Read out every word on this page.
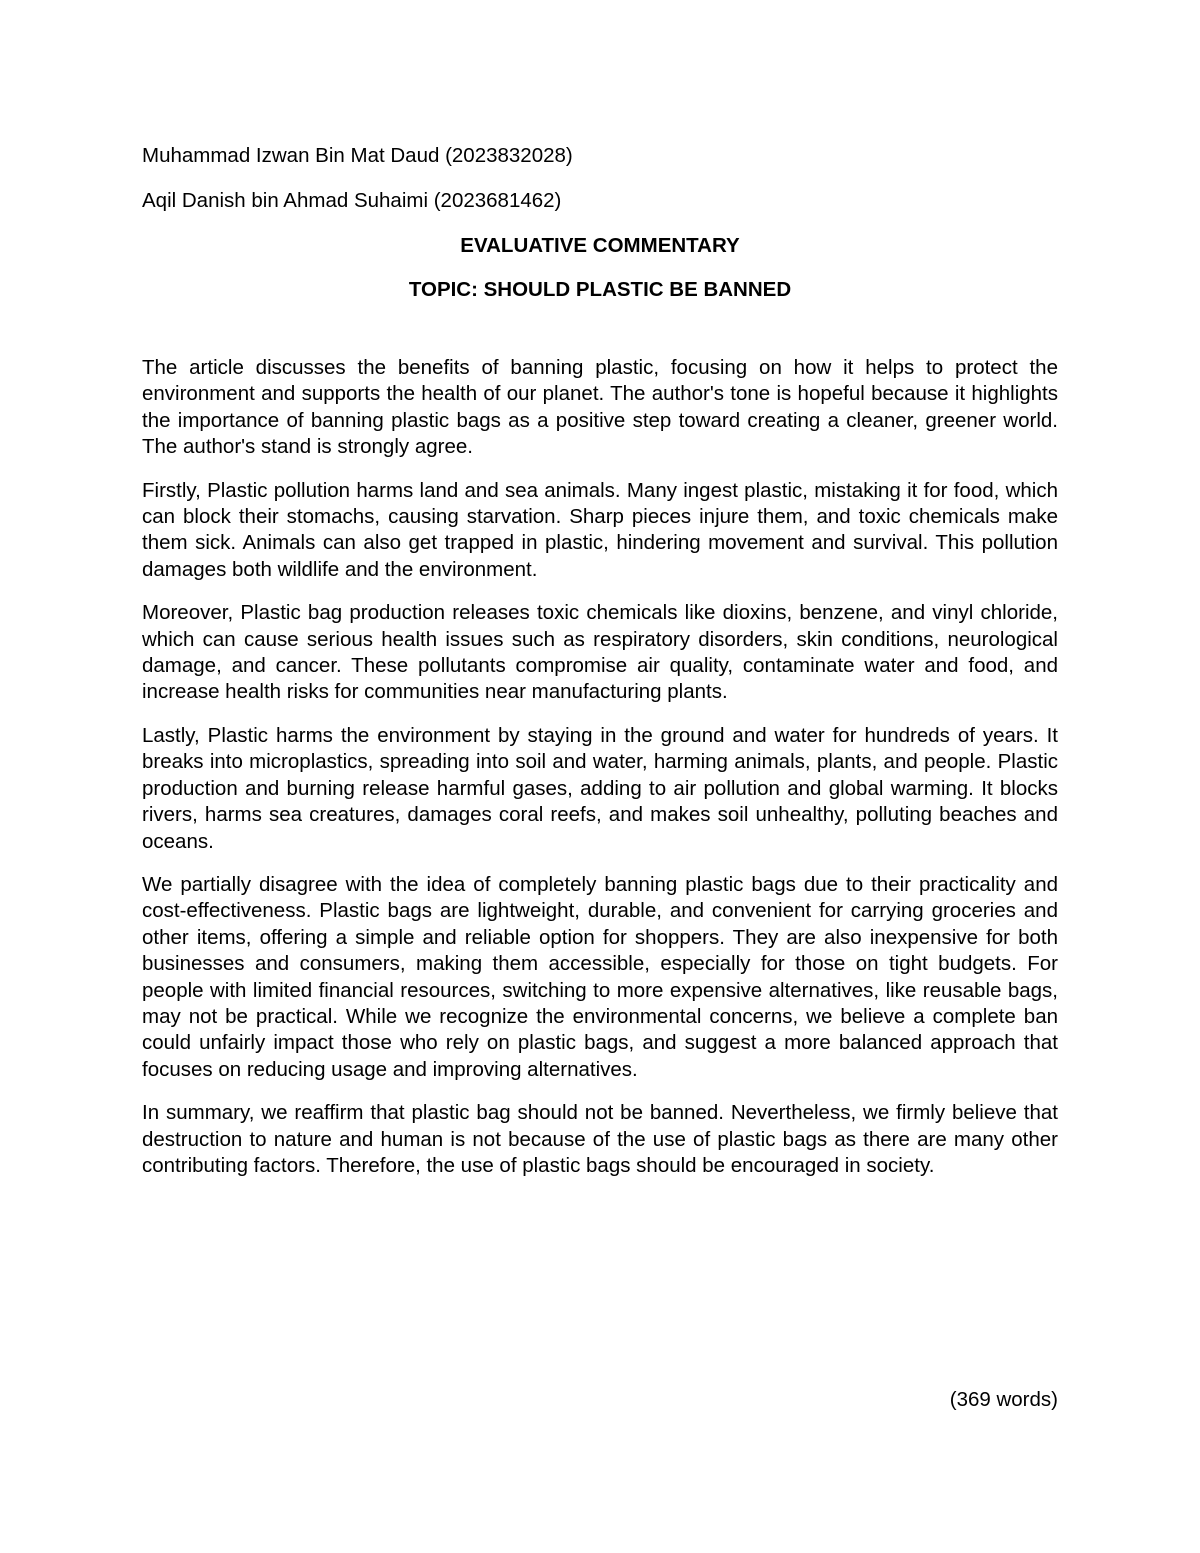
Muhammad Izwan Bin Mat Daud (2023832028)

Aqil Danish bin Ahmad Suhaimi (2023681462)

EVALUATIVE COMMENTARY
TOPIC: SHOULD PLASTIC BE BANNED

The article discusses the benefits of banning plastic, focusing on how it helps to protect the environment and supports the health of our planet. The author's tone is hopeful because it highlights the importance of banning plastic bags as a positive step toward creating a cleaner, greener world. The author's stand is strongly agree.

Firstly, Plastic pollution harms land and sea animals. Many ingest plastic, mistaking it for food, which can block their stomachs, causing starvation. Sharp pieces injure them, and toxic chemicals make them sick. Animals can also get trapped in plastic, hindering movement and survival. This pollution damages both wildlife and the environment.

Moreover, Plastic bag production releases toxic chemicals like dioxins, benzene, and vinyl chloride, which can cause serious health issues such as respiratory disorders, skin conditions, neurological damage, and cancer. These pollutants compromise air quality, contaminate water and food, and increase health risks for communities near manufacturing plants.

Lastly, Plastic harms the environment by staying in the ground and water for hundreds of years. It breaks into microplastics, spreading into soil and water, harming animals, plants, and people. Plastic production and burning release harmful gases, adding to air pollution and global warming. It blocks rivers, harms sea creatures, damages coral reefs, and makes soil unhealthy, polluting beaches and oceans.

We partially disagree with the idea of completely banning plastic bags due to their practicality and cost-effectiveness. Plastic bags are lightweight, durable, and convenient for carrying groceries and other items, offering a simple and reliable option for shoppers. They are also inexpensive for both businesses and consumers, making them accessible, especially for those on tight budgets. For people with limited financial resources, switching to more expensive alternatives, like reusable bags, may not be practical. While we recognize the environmental concerns, we believe a complete ban could unfairly impact those who rely on plastic bags, and suggest a more balanced approach that focuses on reducing usage and improving alternatives.

In summary, we reaffirm that plastic bag should not be banned. Nevertheless, we firmly believe that destruction to nature and human is not because of the use of plastic bags as there are many other contributing factors. Therefore, the use of plastic bags should be encouraged in society.

(369 words)
